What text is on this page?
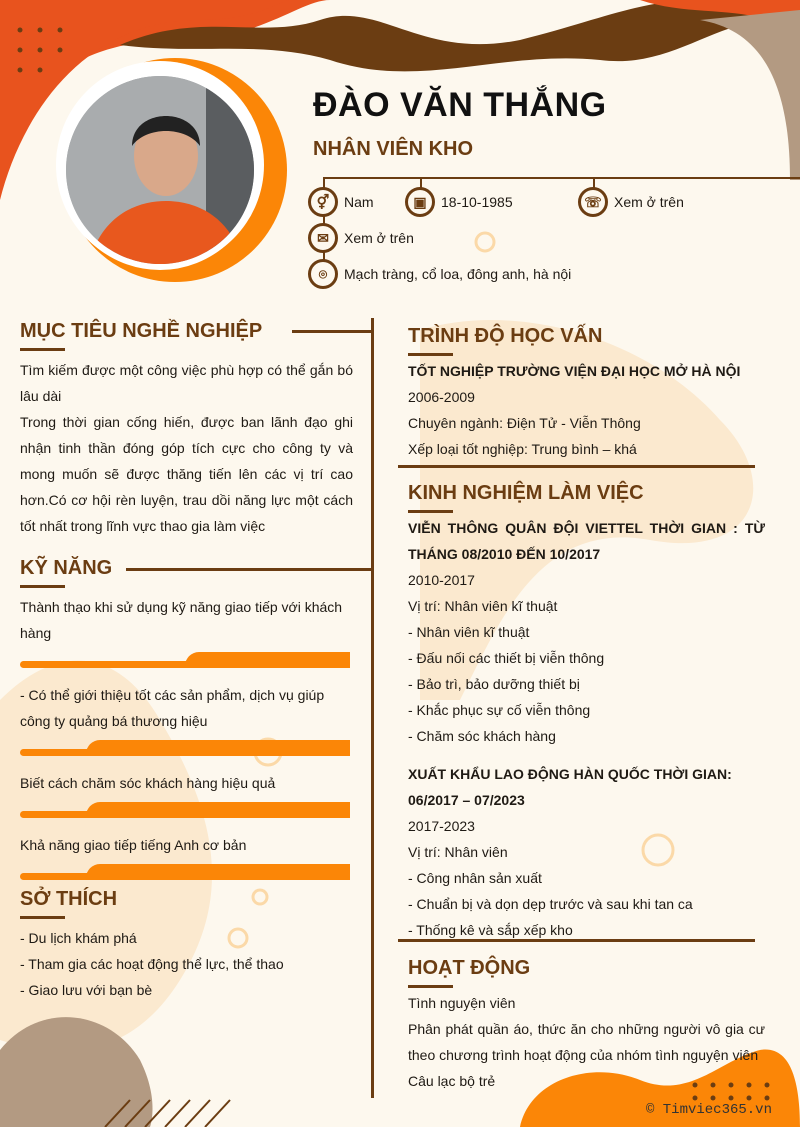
ĐÀO VĂN THẮNG
NHÂN VIÊN KHO
⚥	Nam	▣	18-10-1985	☏ Xem ở trên
✉	Xem ở trên
⌾	Mạch tràng, cổ loa, đông anh, hà nội
MỤC TIÊU NGHỀ NGHIỆP

Tìm kiếm được một công việc phù hợp có thể gắn bó lâu dài

Trong thời gian cống hiến, được ban lãnh đạo ghi nhận tinh thần đóng góp tích cực cho công ty và mong muốn sẽ được thăng tiến lên các vị trí cao hơn.Có cơ hội rèn luyện, trau dồi năng lực một cách tốt nhất trong lĩnh vực thao gia làm việc

KỸ NĂNG
Thành thạo khi sử dụng kỹ năng giao tiếp với khách hàng
- Có thể giới thiệu tốt các sản phẩm, dịch vụ giúp công ty quảng bá thương hiệu
Biết cách chăm sóc khách hàng hiệu quả
Khả năng giao tiếp tiếng Anh cơ bản
SỞ THÍCH

- Du lịch khám phá

- Tham gia các hoạt động thể lực, thể thao

- Giao lưu với bạn bè

TRÌNH ĐỘ HỌC VẤN

TỐT NGHIỆP TRƯỜNG VIỆN ĐẠI HỌC MỞ HÀ NỘI

2006-2009

Chuyên ngành: Điện Tử - Viễn Thông

Xếp loại tốt nghiệp: Trung bình – khá

KINH NGHIỆM LÀM VIỆC

VIỄN THÔNG QUÂN ĐỘI VIETTEL THỜI GIAN : TỪ THÁNG 08/2010 ĐẾN 10/2017

2010-2017

Vị trí: Nhân viên kĩ thuật

- Nhân viên kĩ thuật

- Đấu nối các thiết bị viễn thông

- Bảo trì, bảo dưỡng thiết bị

- Khắc phục sự cố viễn thông

- Chăm sóc khách hàng

XUẤT KHẨU LAO ĐỘNG HÀN QUỐC THỜI GIAN: 06/2017 – 07/2023

2017-2023

Vị trí: Nhân viên

- Công nhân sản xuất

- Chuẩn bị và dọn dẹp trước và sau khi tan ca

- Thống kê và sắp xếp kho

HOẠT ĐỘNG

Tình nguyện viên

Phân phát quần áo, thức ăn cho những người vô gia cư theo chương trình hoạt động của nhóm tình nguyện viên

Câu lạc bộ trẻ

© Timviec365.vn
